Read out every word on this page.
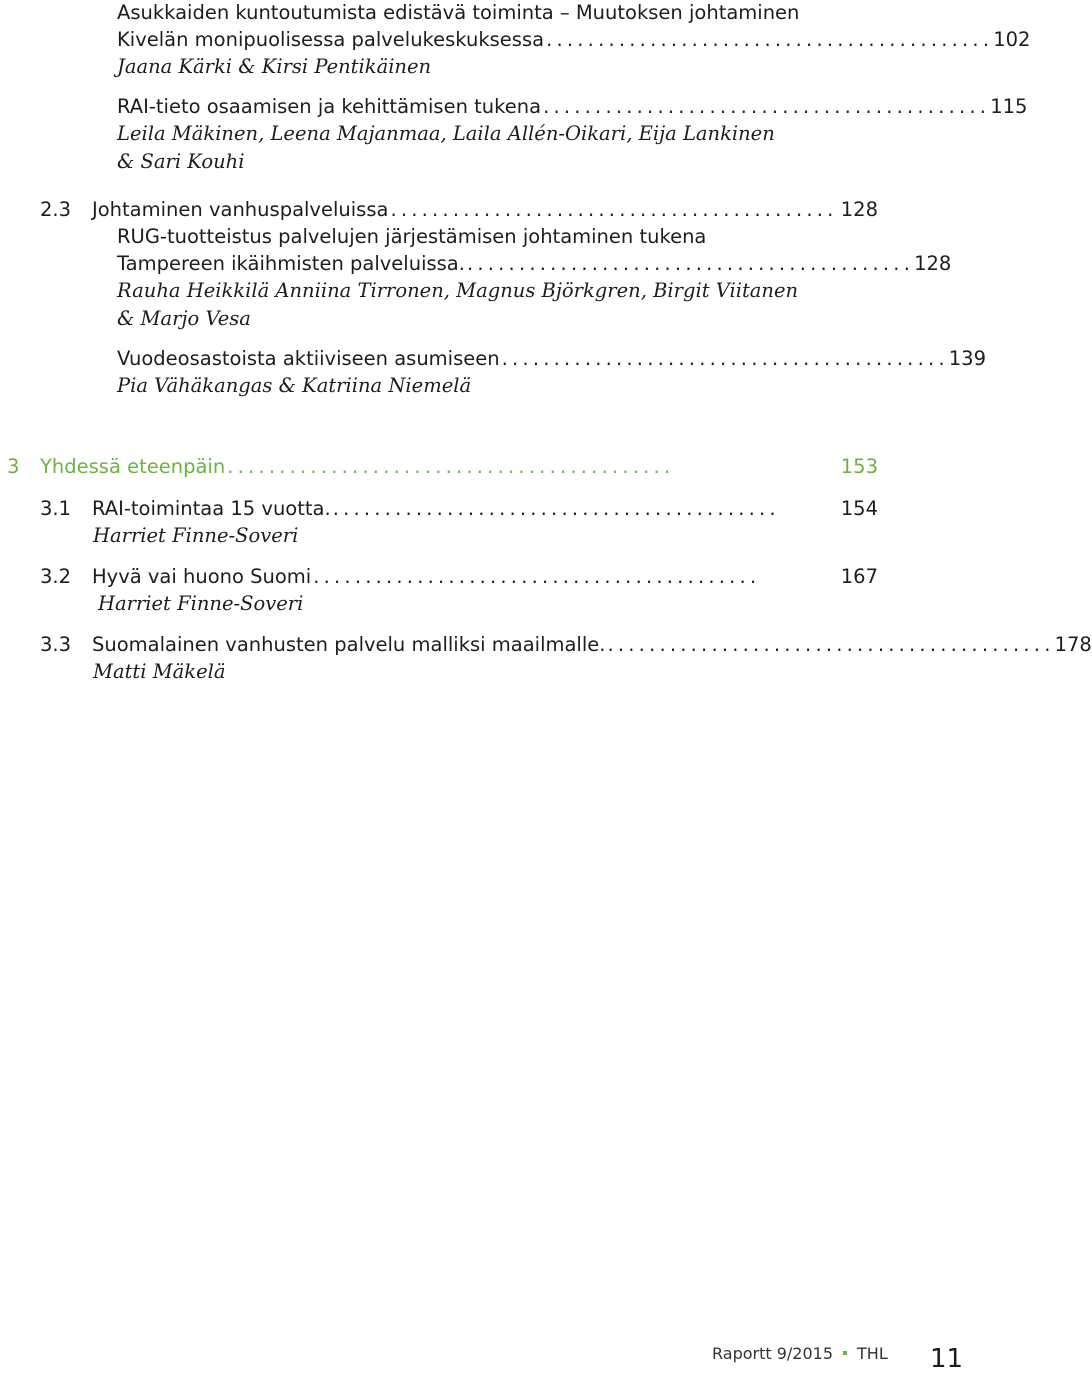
Asukkaiden kuntoutumista edistävä toiminta – Muutoksen johtaminen
Kivelän monipuolisessa palvelukeskuksessa ........................................... 102
Jaana Kärki & Kirsi Pentikäinen
RAI-tieto osaamisen ja kehittämisen tukena ........................................... 115
Leila Mäkinen, Leena Majanmaa, Laila Allén-Oikari, Eija Lankinen
& Sari Kouhi
2.3 Johtaminen vanhuspalveluissa ........................................... 128
RUG-tuotteistus palvelujen järjestämisen johtaminen tukena
Tampereen ikäihmisten palveluissa. ........................................... 128
Rauha Heikkilä Anniina Tirronen, Magnus Björkgren, Birgit Viitanen
& Marjo Vesa
Vuodeosastoista aktiiviseen asumiseen ........................................... 139
Pia Vähäkangas & Katriina Niemelä
3 Yhdessä eteenpäin ...........................................	153
3.1 RAI-toimintaa 15 vuotta. ...........................................	154
Harriet Finne-Soveri
3.2 Hyvä vai huono Suomi ...........................................	167
Harriet Finne-Soveri
3.3 Suomalainen vanhusten palvelu malliksi maailmalle. ........................................... 178
Matti Mäkelä
Raportt 9/2015 THL 11
